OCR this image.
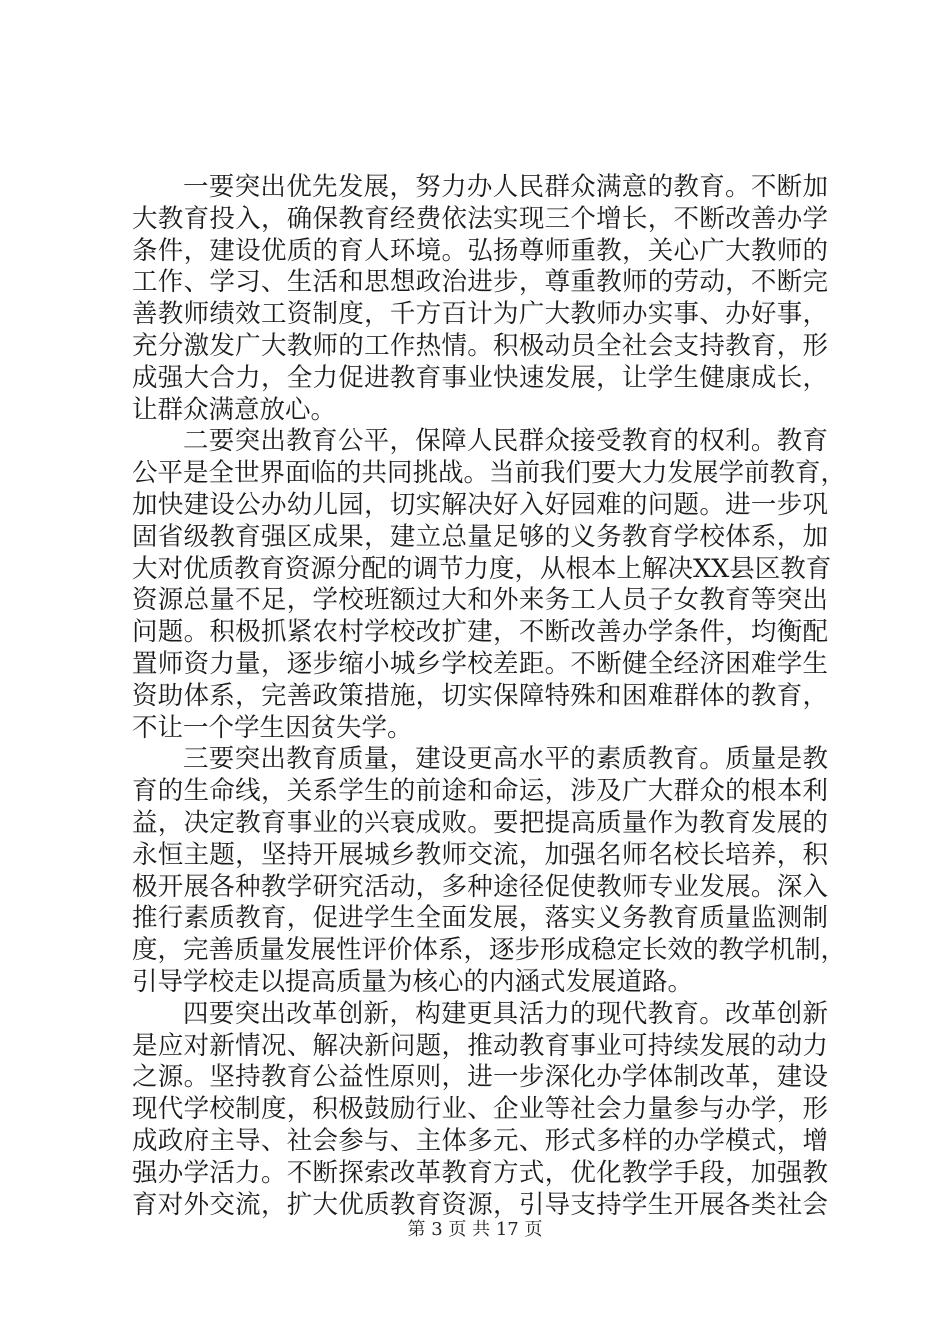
一要突出优先发展，努力办人民群众满意的教育。不断加
大教育投入，确保教育经费依法实现三个增长，不断改善办学
条件，建设优质的育人环境。弘扬尊师重教，关心广大教师的
工作、学习、生活和思想政治进步，尊重教师的劳动，不断完
善教师绩效工资制度，千方百计为广大教师办实事、办好事，
充分激发广大教师的工作热情。积极动员全社会支持教育，形
成强大合力，全力促进教育事业快速发展，让学生健康成长，
让群众满意放心。
二要突出教育公平，保障人民群众接受教育的权利。教育
公平是全世界面临的共同挑战。当前我们要大力发展学前教育，
加快建设公办幼儿园，切实解决好入好园难的问题。进一步巩
固省级教育强区成果，建立总量足够的义务教育学校体系，加
大对优质教育资源分配的调节力度，从根本上解决XX县区教育
资源总量不足，学校班额过大和外来务工人员子女教育等突出
问题。积极抓紧农村学校改扩建，不断改善办学条件，均衡配
置师资力量，逐步缩小城乡学校差距。不断健全经济困难学生
资助体系，完善政策措施，切实保障特殊和困难群体的教育，
不让一个学生因贫失学。
三要突出教育质量，建设更高水平的素质教育。质量是教
育的生命线，关系学生的前途和命运，涉及广大群众的根本利
益，决定教育事业的兴衰成败。要把提高质量作为教育发展的
永恒主题，坚持开展城乡教师交流，加强名师名校长培养，积
极开展各种教学研究活动，多种途径促使教师专业发展。深入
推行素质教育，促进学生全面发展，落实义务教育质量监测制
度，完善质量发展性评价体系，逐步形成稳定长效的教学机制，
引导学校走以提高质量为核心的内涵式发展道路。
四要突出改革创新，构建更具活力的现代教育。改革创新
是应对新情况、解决新问题，推动教育事业可持续发展的动力
之源。坚持教育公益性原则，进一步深化办学体制改革，建设
现代学校制度，积极鼓励行业、企业等社会力量参与办学，形
成政府主导、社会参与、主体多元、形式多样的办学模式，增
强办学活力。不断探索改革教育方式，优化教学手段，加强教
育对外交流，扩大优质教育资源，引导支持学生开展各类社会
第 3 页 共 17 页
